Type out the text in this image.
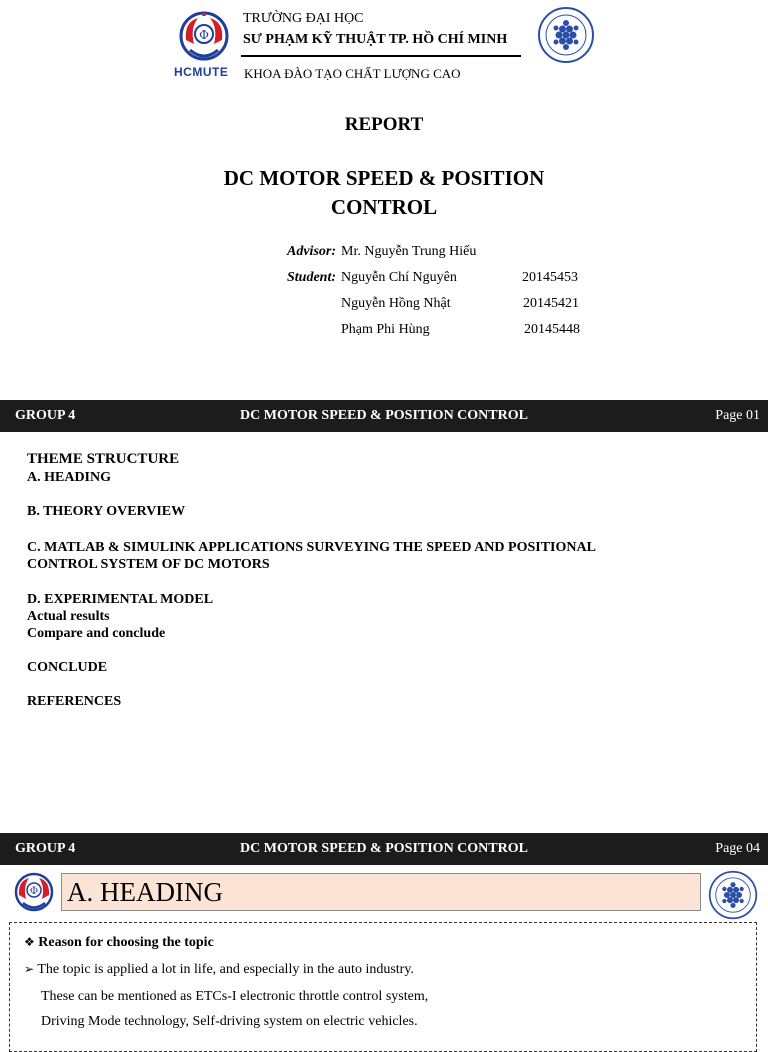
Φ
HCMUTE
TRƯỜNG ĐẠI HỌC
SƯ PHẠM KỸ THUẬT TP. HỒ CHÍ MINH
KHOA ĐÀO TẠO CHẤT LƯỢNG CAO
REPORT
DC MOTOR SPEED & POSITION
CONTROL
Advisor: Mr. Nguyễn Trung Hiếu
Student: Nguyễn Chí Nguyên	20145453
Nguyễn Hồng Nhật	20145421
Phạm Phi Hùng	20145448
DC MOTOR SPEED & POSITION CONTROL
GROUP 4	Page 01
THEME STRUCTURE
A. HEADING
B. THEORY OVERVIEW
C. MATLAB & SIMULINK APPLICATIONS SURVEYING THE SPEED AND POSITIONAL
CONTROL SYSTEM OF DC MOTORS
D. EXPERIMENTAL MODEL
Actual results
Compare and conclude
CONCLUDE
REFERENCES
DC MOTOR SPEED & POSITION CONTROL
GROUP 4	Page 04
Φ A. HEADING
❖ Reason for choosing the topic
➢ The topic is applied a lot in life, and especially in the auto industry.
These can be mentioned as ETCs-I electronic throttle control system,
Driving Mode technology, Self-driving system on electric vehicles.
